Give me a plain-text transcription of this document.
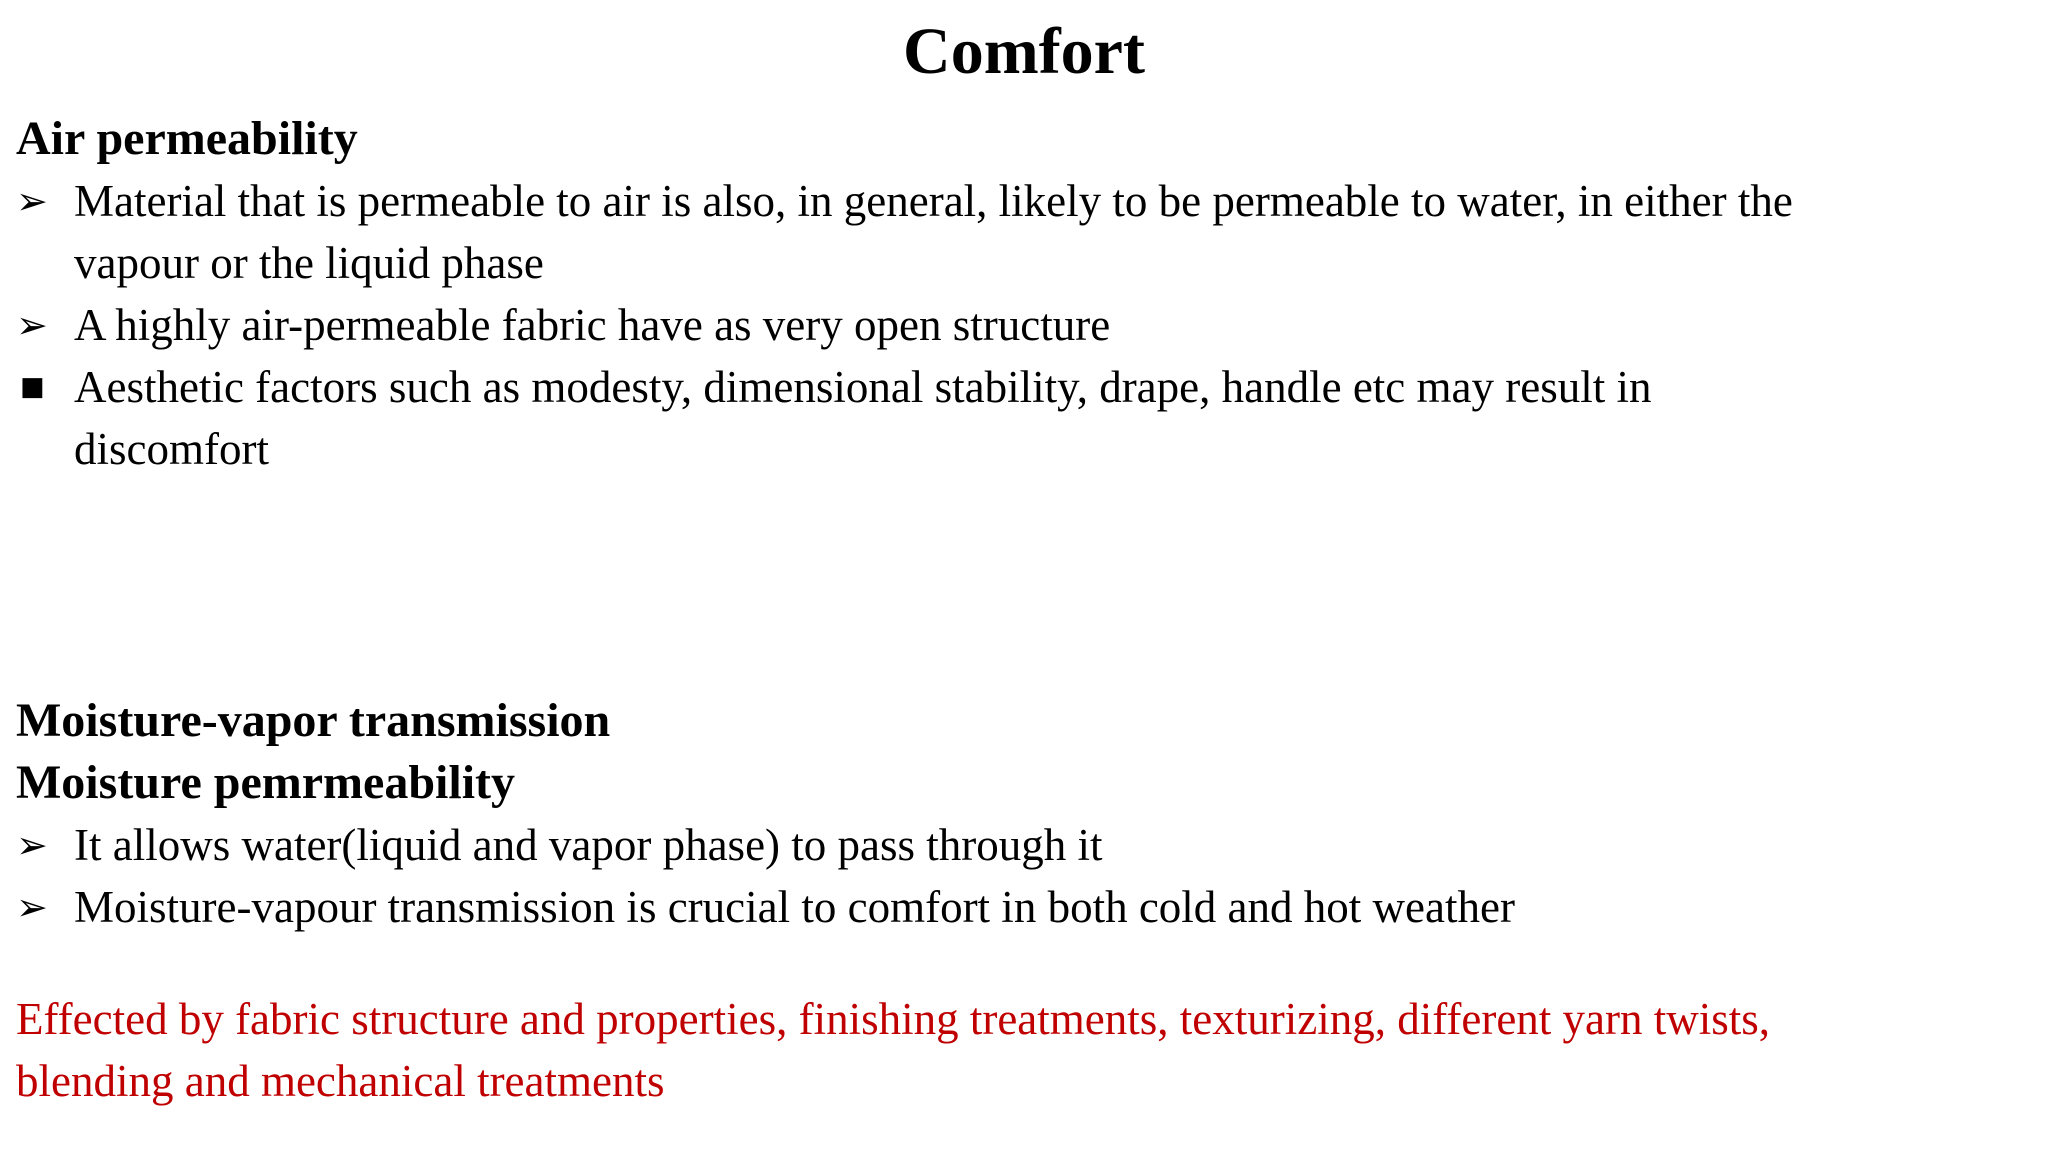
Comfort
Air permeability
➢ Material that is permeable to air is also, in general, likely to be permeable to water, in either the
vapour or the liquid phase
➢ A highly air-permeable fabric have as very open structure
■ Aesthetic factors such as modesty, dimensional stability, drape, handle etc may result in
discomfort
Moisture-vapor transmission
Moisture pemrmeability
➢ It allows water(liquid and vapor phase) to pass through it
➢ Moisture-vapour transmission is crucial to comfort in both cold and hot weather
Effected by fabric structure and properties, finishing treatments, texturizing, different yarn twists,
blending and mechanical treatments
